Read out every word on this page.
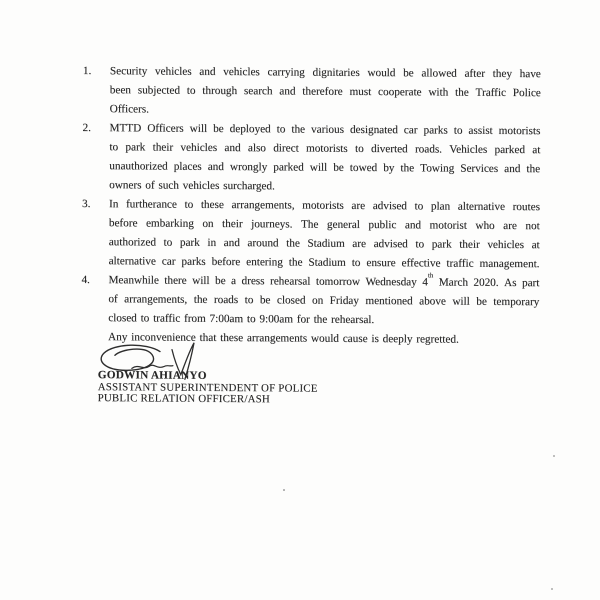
1.	Security vehicles and vehicles carrying dignitaries would be allowed after they have
been subjected to through search and therefore must cooperate with the Traffic Police
Officers.
2.	MTTD Officers will be deployed to the various designated car parks to assist motorists
to park their vehicles and also direct motorists to diverted roads. Vehicles parked at
unauthorized places and wrongly parked will be towed by the Towing Services and the
owners of such vehicles surcharged.
3.	In furtherance to these arrangements, motorists are advised to plan alternative routes
before embarking on their journeys. The general public and motorist who are not
authorized to park in and around the Stadium are advised to park their vehicles at
alternative car parks before entering the Stadium to ensure effective traffic management.
4.	Meanwhile there will be a dress rehearsal tomorrow Wednesday 4th
March 2020. As part
of arrangements, the roads to be closed on Friday mentioned above will be temporary
closed to traffic from 7:00am to 9:00am for the rehearsal.
Any inconvenience that these arrangements would cause is deeply regretted.
GODWIN AHIANYO
ASSISTANT SUPERINTENDENT OF POLICE
PUBLIC RELATION OFFICER/ASH
